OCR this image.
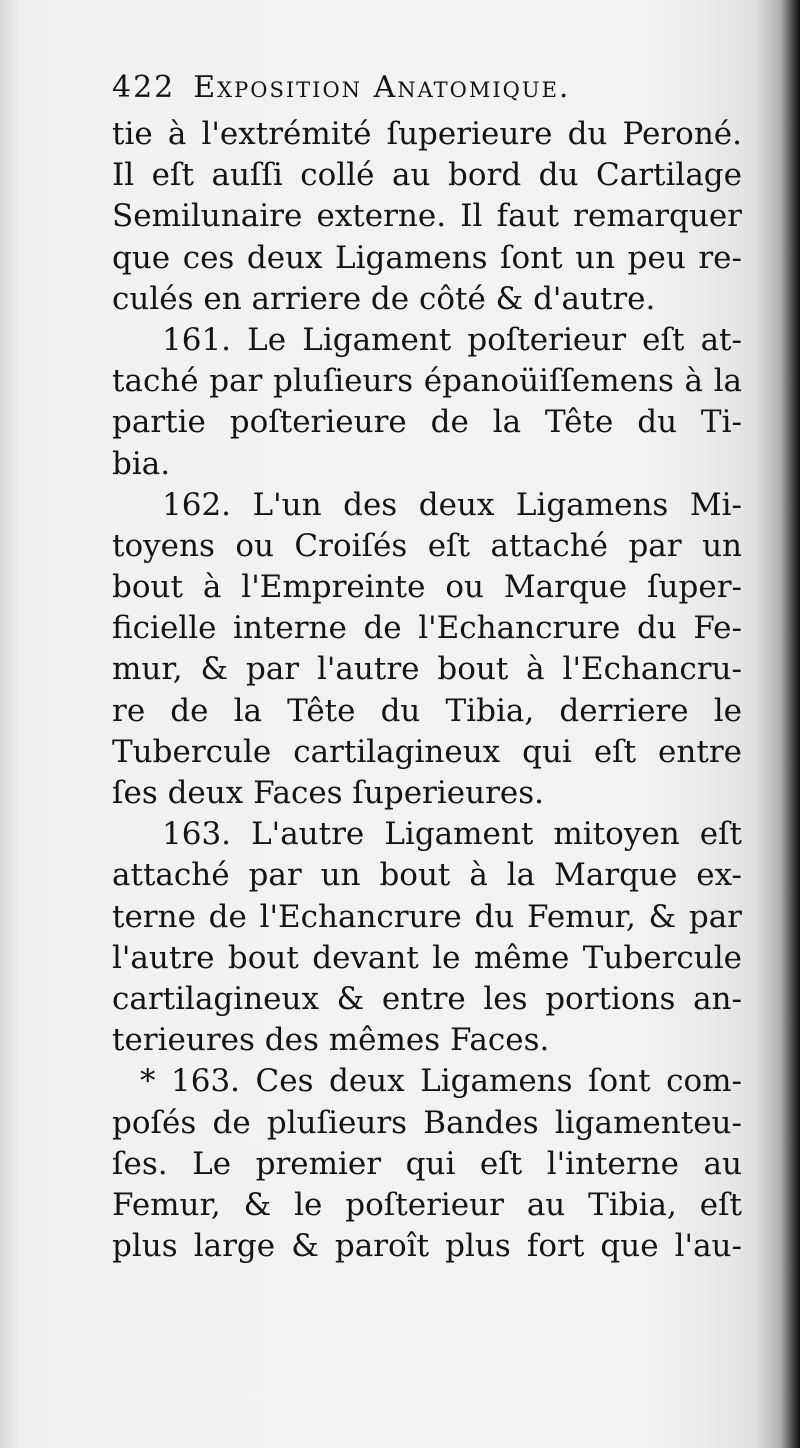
422 Exposition Anatomique.
tie à l'extrémité ſuperieure du Peroné.
Il eſt auſſi collé au bord du Cartilage
Semilunaire externe. Il faut remarquer
que ces deux Ligamens ſont un peu re-
culés en arriere de côté & d'autre.
161. Le Ligament poſterieur eſt at-
taché par pluſieurs épanoüiſſemens à la
partie poſterieure de la Tête du Ti-
bia.
162. L'un des deux Ligamens Mi-
toyens ou Croiſés eſt attaché par un
bout à l'Empreinte ou Marque ſuper-
ficielle interne de l'Echancrure du Fe-
mur, & par l'autre bout à l'Echancru-
re de la Tête du Tibia, derriere le
Tubercule cartilagineux qui eſt entre
ſes deux Faces ſuperieures.
163. L'autre Ligament mitoyen eſt
attaché par un bout à la Marque ex-
terne de l'Echancrure du Femur, & par
l'autre bout devant le même Tubercule
cartilagineux & entre les portions an-
terieures des mêmes Faces.
* 163. Ces deux Ligamens ſont com-
poſés de pluſieurs Bandes ligamenteu-
ſes. Le premier qui eſt l'interne au
Femur, & le poſterieur au Tibia, eſt
plus large & paroît plus fort que l'au-
